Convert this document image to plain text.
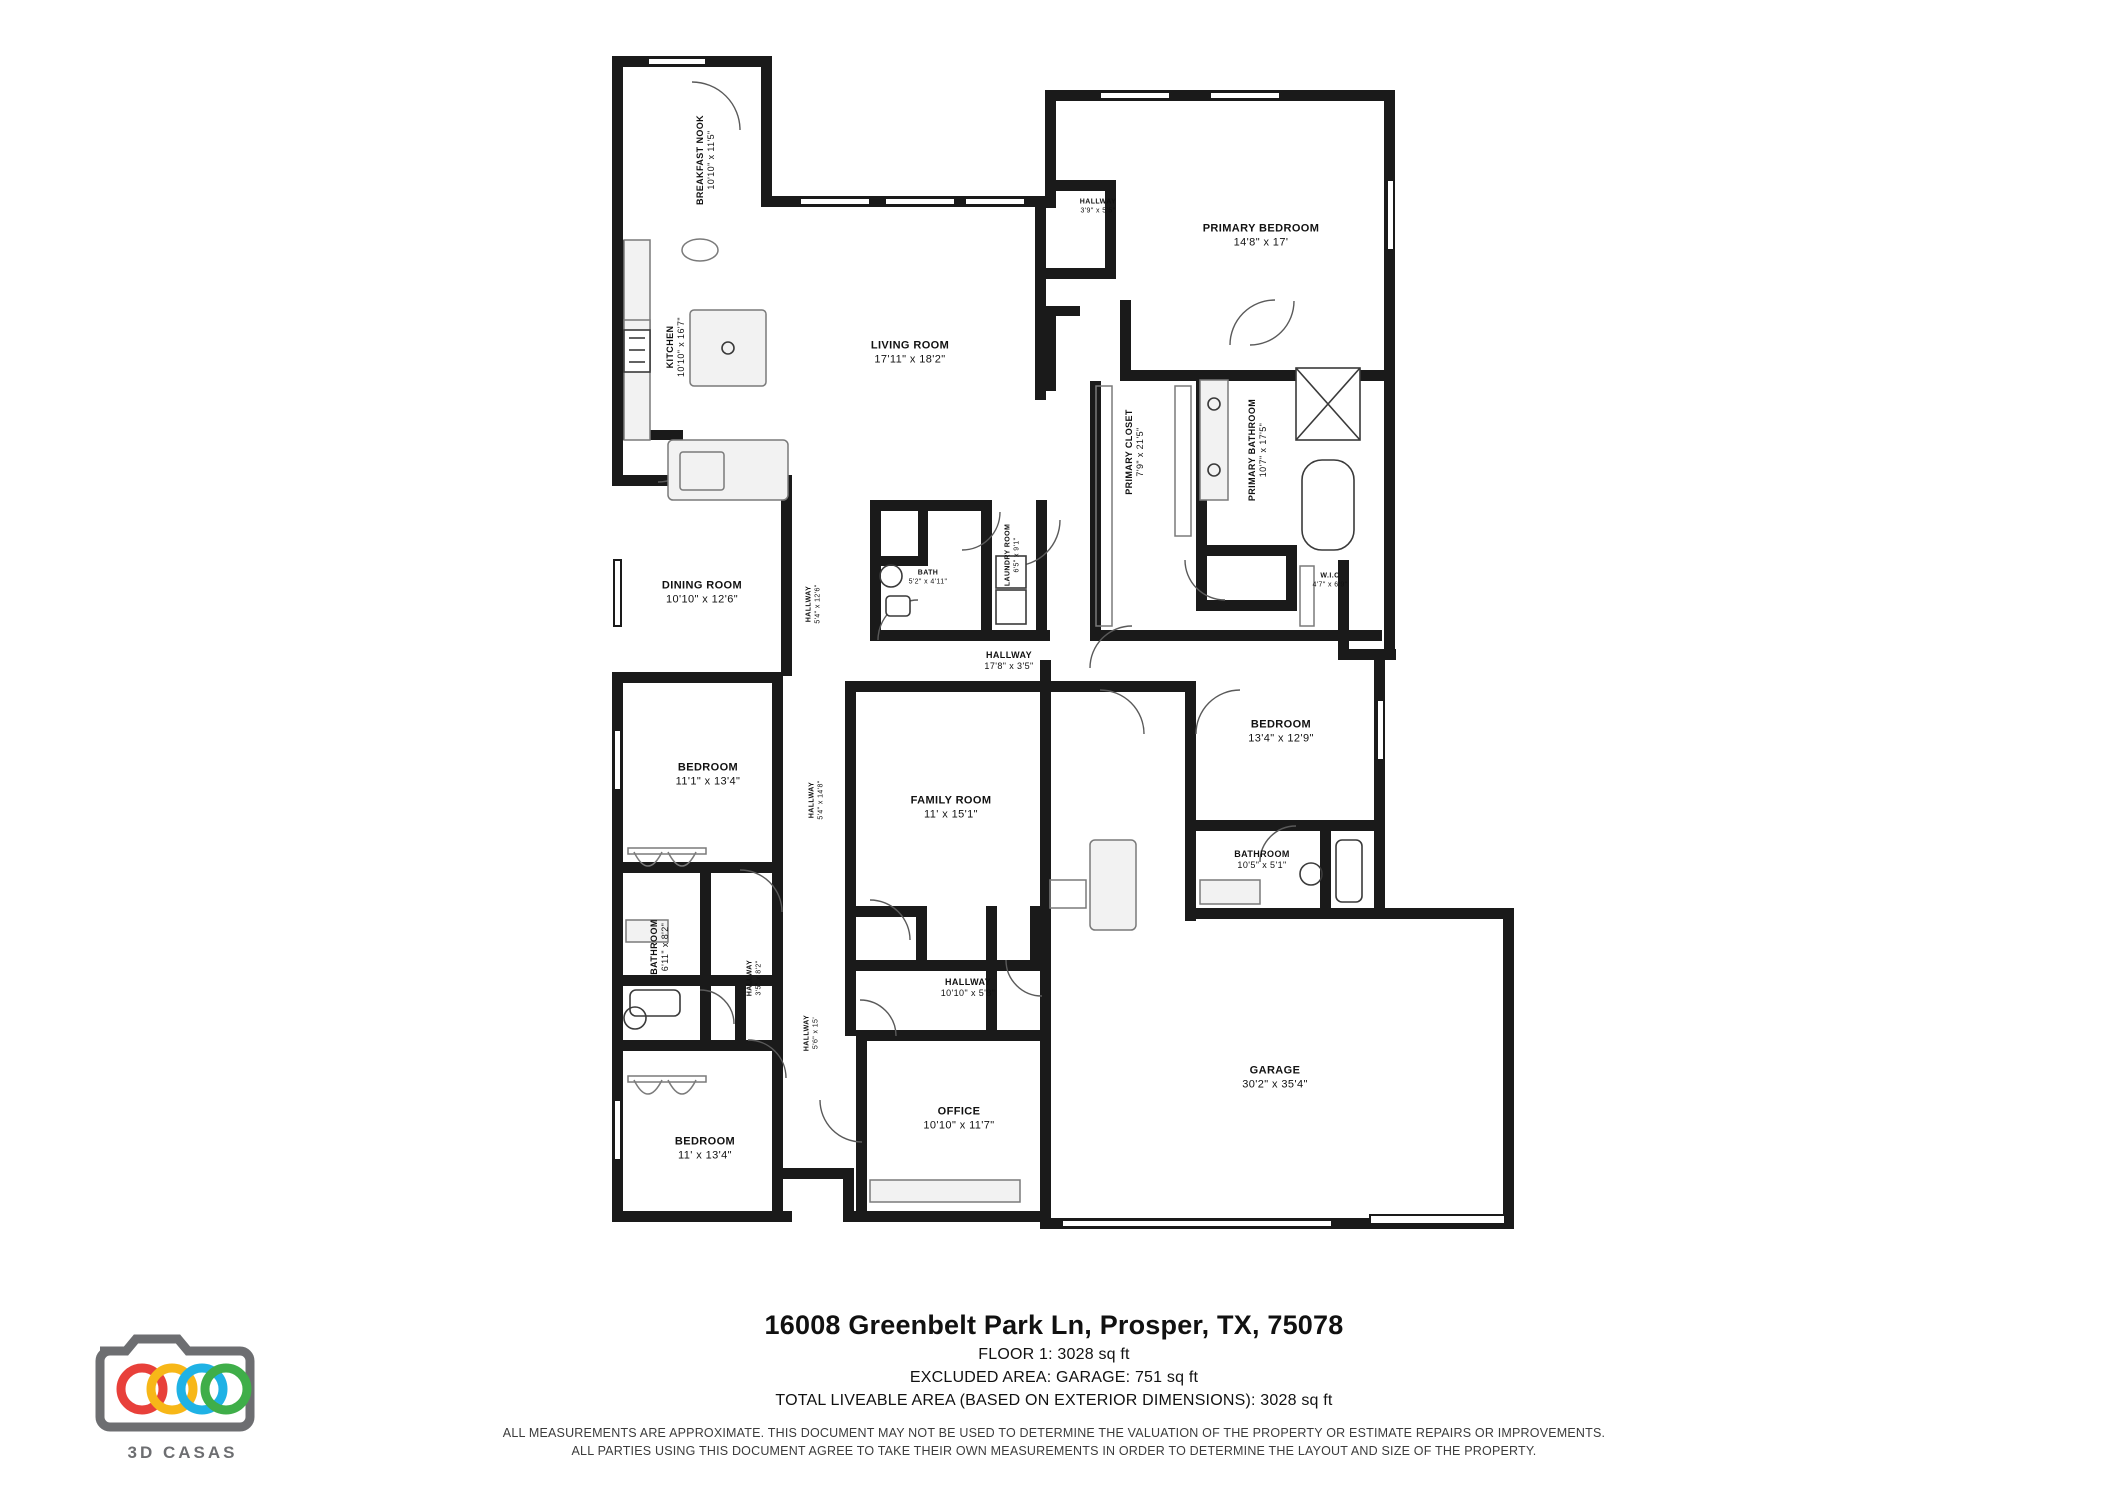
BREAKFAST NOOK 10'10" x 11'5"
KITCHEN 10'10" x 16'7"	LIVING ROOM
17'11" x 18'2"
HALLWAY
3'9" x 5'5"
PRIMARY BEDROOM
14'8" x 17'
PRIMARY CLOSET 7'9" x 21'5"	PRIMARY BATHROOM 10'7" x 17'5"
W.I.C
4'7" x 6'9"
DINING ROOM
10'10" x 12'6"	HALLWAY 5'4" x 12'6"
BATH
5'2" x 4'11"	LAUNDRY ROOM 6'5" x 9'1"
HALLWAY
17'8" x 3'5"
BEDROOM
13'4" x 12'9"
BEDROOM
11'1" x 13'4"
HALLWAY 5'4" x 14'8"	FAMILY ROOM
11' x 15'1"
BATHROOM
10'5" x 5'1"
BATHROOM 6'11" x 8'2"
HALLWAY 3'5" x 8'2"	HALLWAY
10'10" x 5'8"
HALLWAY 5'6" x 15'
GARAGE
30'2" x 35'4"
OFFICE
10'10" x 11'7"
BEDROOM
11' x 13'4"
3D CASAS
16008 Greenbelt Park Ln, Prosper, TX, 75078
FLOOR 1: 3028 sq ft
EXCLUDED AREA: GARAGE: 751 sq ft
TOTAL LIVEABLE AREA (BASED ON EXTERIOR DIMENSIONS): 3028 sq ft
ALL MEASUREMENTS ARE APPROXIMATE. THIS DOCUMENT MAY NOT BE USED TO DETERMINE THE VALUATION OF THE PROPERTY OR ESTIMATE REPAIRS OR IMPROVEMENTS.
ALL PARTIES USING THIS DOCUMENT AGREE TO TAKE THEIR OWN MEASUREMENTS IN ORDER TO DETERMINE THE LAYOUT AND SIZE OF THE PROPERTY.
